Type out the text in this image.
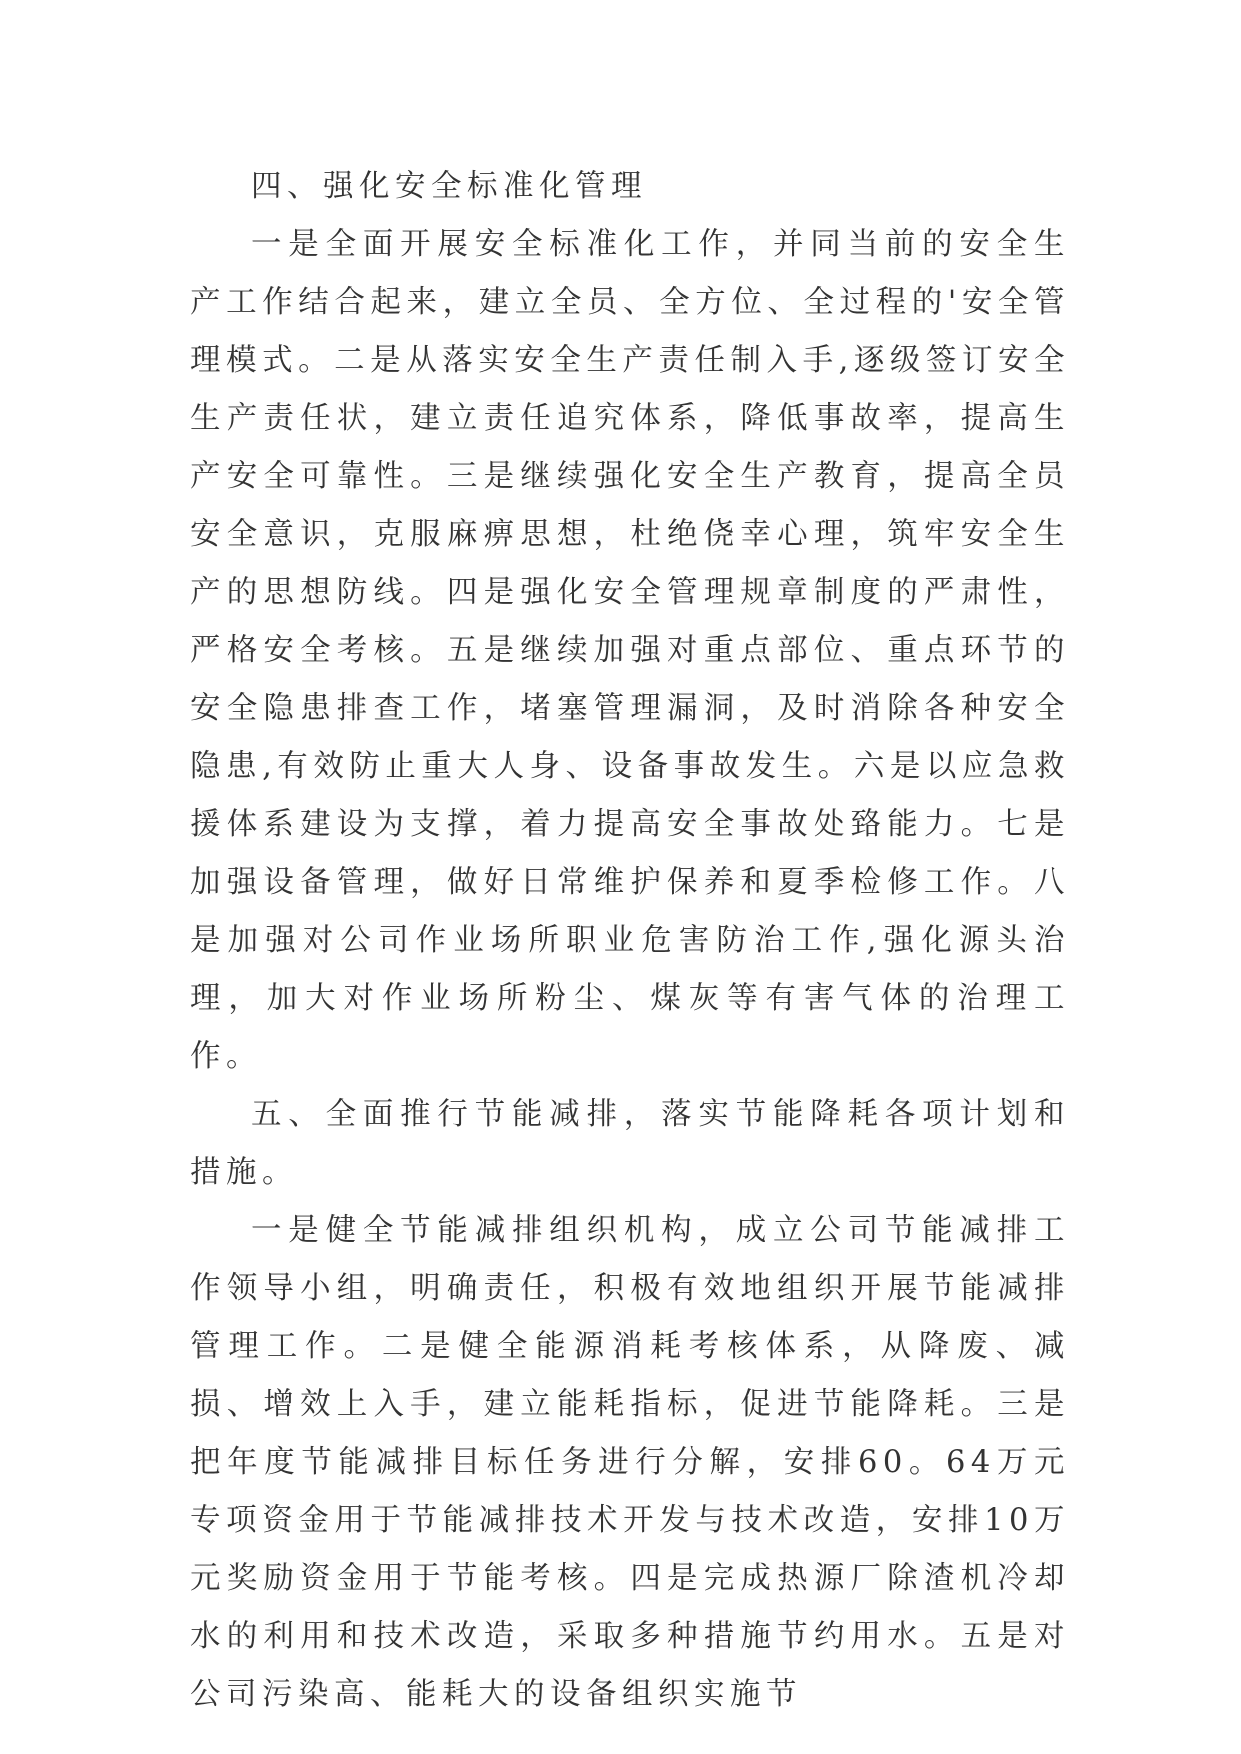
四、强化安全标准化管理

一是全面开展安全标准化工作，并同当前的安全生产工作结合起来，建立全员、全方位、全过程的'安全管理模式。二是从落实安全生产责任制入手,逐级签订安全生产责任状，建立责任追究体系，降低事故率，提高生产安全可靠性。三是继续强化安全生产教育，提高全员安全意识，克服麻痹思想，杜绝侥幸心理，筑牢安全生产的思想防线。四是强化安全管理规章制度的严肃性，严格安全考核。五是继续加强对重点部位、重点环节的安全隐患排查工作，堵塞管理漏洞，及时消除各种安全隐患,有效防止重大人身、设备事故发生。六是以应急救援体系建设为支撑，着力提高安全事故处臵能力。七是加强设备管理，做好日常维护保养和夏季检修工作。八是加强对公司作业场所职业危害防治工作,强化源头治理，加大对作业场所粉尘、煤灰等有害气体的治理工作。

五、全面推行节能减排，落实节能降耗各项计划和措施。

一是健全节能减排组织机构，成立公司节能减排工作领导小组，明确责任，积极有效地组织开展节能减排管理工作。二是健全能源消耗考核体系，从降废、减损、增效上入手，建立能耗指标，促进节能降耗。三是把年度节能减排目标任务进行分解，安排60。64万元专项资金用于节能减排技术开发与技术改造，安排10万元奖励资金用于节能考核。四是完成热源厂除渣机冷却水的利用和技术改造，采取多种措施节约用水。五是对公司污染高、能耗大的设备组织实施节
